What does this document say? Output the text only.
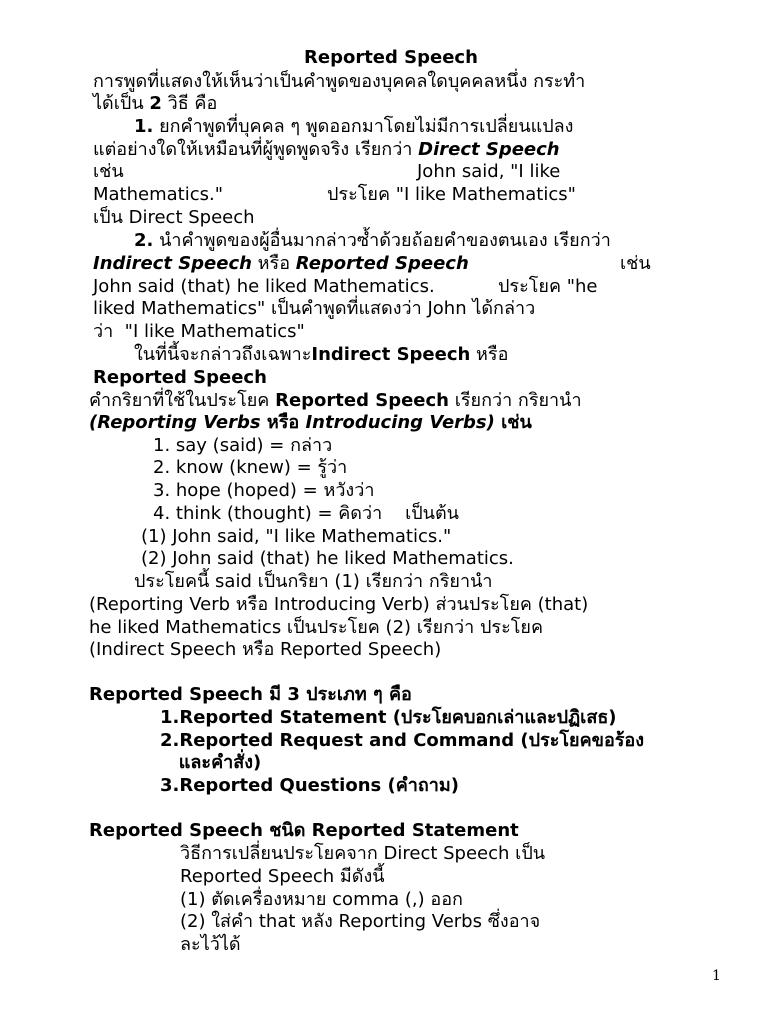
Reported Speech
การพูดที่แสดงให้เห็นว่าเป็นคำพูดของบุคคลใดบุคคลหนึ่ง กระทำ
ได้เป็น 2 วิธี คือ
1. ยกคำพูดที่บุคคล ๆ พูดออกมาโดยไม่มีการเปลี่ยนแปลง
แต่อย่างใดให้เหมือนที่ผู้พูดพูดจริง เรียกว่า Direct Speech
เช่น	John said, "I like
Mathematics."	ประโยค "I like Mathematics"
เป็น Direct Speech
2. นำคำพูดของผู้อื่นมากล่าวซ้ำด้วยถ้อยคำของตนเอง เรียกว่า
Indirect Speech หรือ Reported Speech	เช่น
John said (that) he liked Mathematics.	ประโยค "he
liked Mathematics" เป็นคำพูดที่แสดงว่า John ได้กล่าว
ว่า  "I like Mathematics"
ในที่นี้จะกล่าวถึงเฉพาะIndirect Speech หรือ
Reported Speech
คำกริยาที่ใช้ในประโยค Reported Speech เรียกว่า กริยานำ
(Reporting Verbs หรือ Introducing Verbs) เช่น
1. say (said) = กล่าว
2. know (knew) = รู้ว่า
3. hope (hoped) = หวังว่า
4. think (thought) = คิดว่า    เป็นต้น
(1) John said, "I like Mathematics."
(2) John said (that) he liked Mathematics.
ประโยคนี้ said เป็นกริยา (1) เรียกว่า กริยานำ
(Reporting Verb หรือ Introducing Verb) ส่วนประโยค (that)
he liked Mathematics เป็นประโยค (2) เรียกว่า ประโยค
(Indirect Speech หรือ Reported Speech)
Reported Speech มี 3 ประเภท ๆ คือ
1.Reported Statement (ประโยคบอกเล่าและปฏิเสธ)
2.Reported Request and Command (ประโยคขอร้อง
และคำสั่ง)
3.Reported Questions (คำถาม)
Reported Speech ชนิด Reported Statement
วิธีการเปลี่ยนประโยคจาก Direct Speech เป็น
Reported Speech มีดังนี้
(1) ตัดเครื่องหมาย comma (,) ออก
(2) ใส่คำ that หลัง Reporting Verbs ซึ่งอาจ
ละไว้ได้
1
